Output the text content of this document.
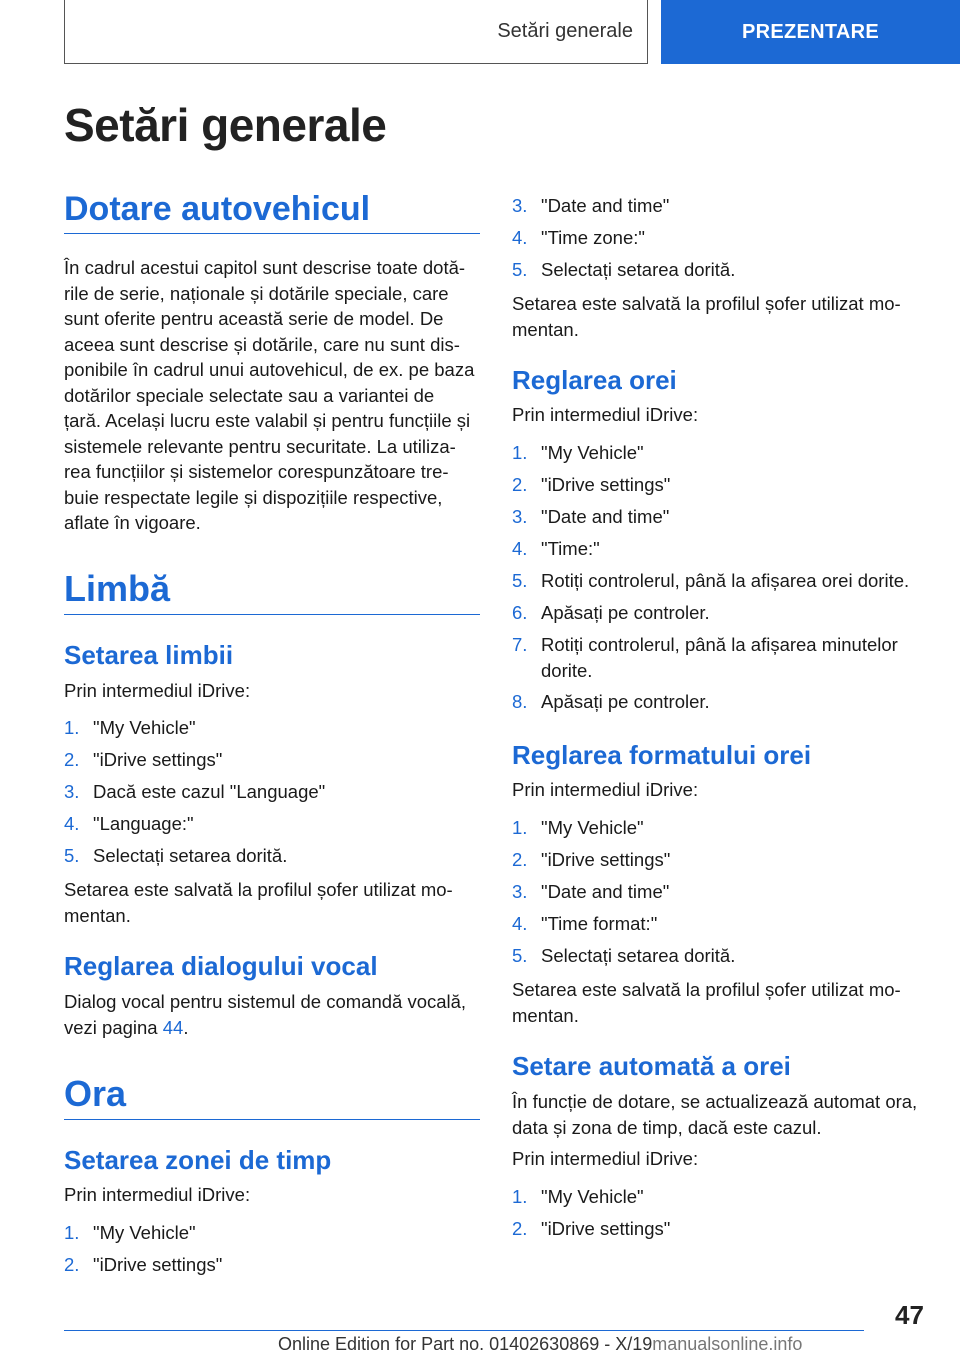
Setări generale	PREZENTARE
Setări generale
Dotare autovehicul

În cadrul acestui capitol sunt descrise toate dotă-
rile de serie, naționale și dotările speciale, care
sunt oferite pentru această serie de model. De
aceea sunt descrise și dotările, care nu sunt dis-
ponibile în cadrul unui autovehicul, de ex. pe baza
dotărilor speciale selectate sau a variantei de
țară. Același lucru este valabil și pentru funcțiile și
sistemele relevante pentru securitate. La utiliza-
rea funcțiilor și sistemelor corespunzătoare tre-
buie respectate legile și dispozițiile respective,
aflate în vigoare.

Limbă
Setarea limbii

Prin intermediul iDrive:

1. "My Vehicle"
2. "iDrive settings"
3. Dacă este cazul "Language"
4. "Language:"
5. Selectați setarea dorită.

Setarea este salvată la profilul șofer utilizat mo-
mentan.

Reglarea dialogului vocal

Dialog vocal pentru sistemul de comandă vocală,
vezi pagina 44.

Ora
Setarea zonei de timp

Prin intermediul iDrive:

1. "My Vehicle"
2. "iDrive settings"
3. "Date and time"
4. "Time zone:"
5. Selectați setarea dorită.

Setarea este salvată la profilul șofer utilizat mo-
mentan.

Reglarea orei

Prin intermediul iDrive:

1. "My Vehicle"
2. "iDrive settings"
3. "Date and time"
4. "Time:"
5. Rotiți controlerul, până la afișarea orei dorite.
6. Apăsați pe controler.
7. Rotiți controlerul, până la afișarea minutelor
dorite.
8. Apăsați pe controler.
Reglarea formatului orei

Prin intermediul iDrive:

1. "My Vehicle"
2. "iDrive settings"
3. "Date and time"
4. "Time format:"
5. Selectați setarea dorită.

Setarea este salvată la profilul șofer utilizat mo-
mentan.

Setare automată a orei

În funcție de dotare, se actualizează automat ora,
data și zona de timp, dacă este cazul.

Prin intermediul iDrive:

1. "My Vehicle"
2. "iDrive settings"
47
Online Edition for Part no. 01402630869 - X/19manualsonline.info
